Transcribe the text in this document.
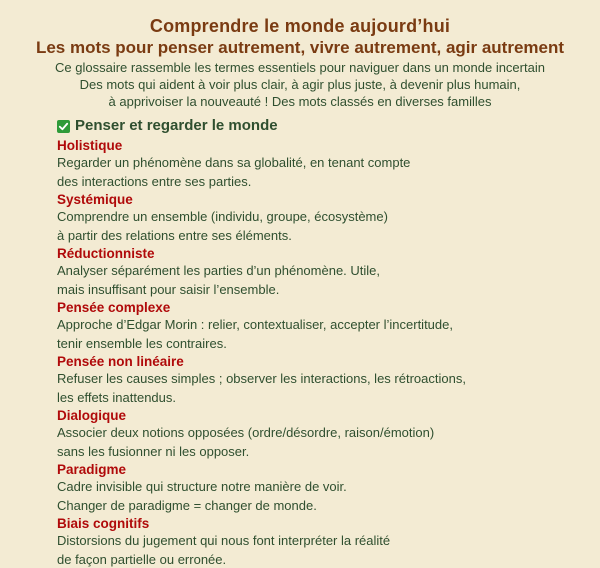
Comprendre le monde aujourd’hui
Les mots pour penser autrement, vivre autrement, agir autrement
Ce glossaire rassemble les termes essentiels pour naviguer dans un monde incertain
Des mots qui aident à voir plus clair, à agir plus juste, à devenir plus humain,
à apprivoiser la nouveauté ! Des mots classés en diverses familles
Penser et regarder le monde
Holistique
Regarder un phénomène dans sa globalité, en tenant compte
des interactions entre ses parties.
Systémique
Comprendre un ensemble (individu, groupe, écosystème)
à partir des relations entre ses éléments.
Réductionniste
Analyser séparément les parties d’un phénomène. Utile,
mais insuffisant pour saisir l’ensemble.
Pensée complexe
Approche d’Edgar Morin : relier, contextualiser, accepter l’incertitude,
tenir ensemble les contraires.
Pensée non linéaire
Refuser les causes simples ; observer les interactions, les rétroactions,
les effets inattendus.
Dialogique
Associer deux notions opposées (ordre/désordre, raison/émotion)
sans les fusionner ni les opposer.
Paradigme
Cadre invisible qui structure notre manière de voir.
Changer de paradigme = changer de monde.
Biais cognitifs
Distorsions du jugement qui nous font interpréter la réalité
de façon partielle ou erronée.
